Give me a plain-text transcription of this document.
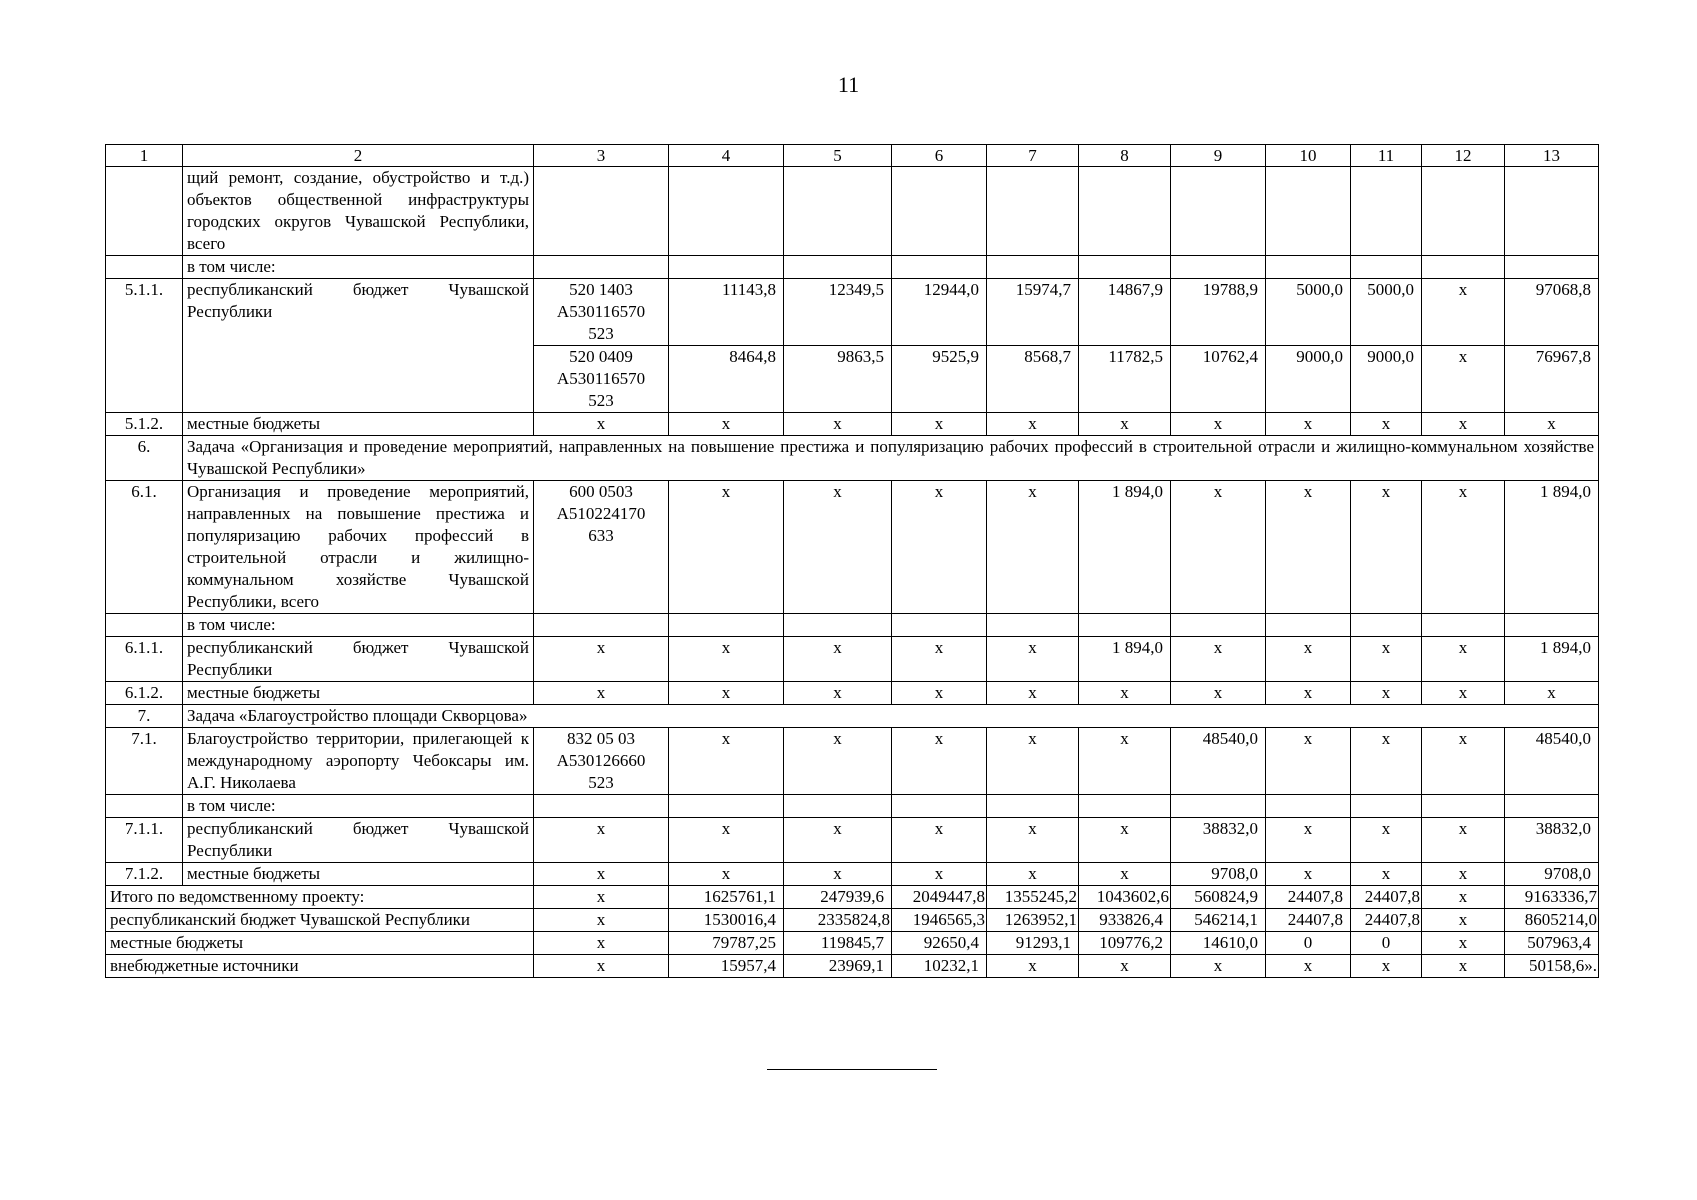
11
1	2	3	4	5	6	7	8	9	10	11	12	13
	щий ремонт, создание, обустройство и т.д.) объектов общественной инфраструктуры городских округов Чувашской Республики, всего											
	в том числе:											
5.1.1.	республиканский бюджет Чувашской Республики	520 1403
A530116570
523	11143,8	12349,5	12944,0	15974,7	14867,9	19788,9	5000,0	5000,0	x	97068,8

		520 0409
A530116570
523	8464,8	9863,5	9525,9	8568,7	11782,5	10762,4	9000,0	9000,0	x	76967,8
5.1.2.	местные бюджеты	x	x	x	x	x	x	x	x	x	x	x
6.	Задача «Организация и проведение мероприятий, направленных на повышение престижа и популяризацию рабочих профессий в строительной отрасли и жилищно-коммунальном хозяйстве Чувашской Республики»											
6.1.	Организация и проведение мероприятий, направленных на повышение престижа и популяризацию рабочих профессий в строительной отрасли и жилищно-коммунальном хозяйстве Чувашской Республики, всего	600 0503
A510224170
633	x	x	x	x	1 894,0	x	x	x	x	1 894,0
	в том числе:											
6.1.1.	республиканский бюджет Чувашской Республики	x	x	x	x	x	1 894,0	x	x	x	x	1 894,0
6.1.2.	местные бюджеты	x	x	x	x	x	x	x	x	x	x	x
7.	Задача «Благоустройство площади Скворцова»											
7.1.	Благоустройство территории, прилегающей к международному аэропорту Чебоксары им. А.Г. Николаева	832 05 03
A530126660
523	x	x	x	x	x	48540,0	x	x	x	48540,0
	в том числе:											
7.1.1.	республиканский бюджет Чувашской Республики	x	x	x	x	x	x	38832,0	x	x	x	38832,0
7.1.2.	местные бюджеты	x	x	x	x	x	x	9708,0	x	x	x	9708,0
Итого по ведомственному проекту:		x	1625761,1	247939,6	2049447,8	1355245,2	1043602,6	560824,9	24407,8	24407,8	x	9163336,7
республиканский бюджет Чувашской Республики		x	1530016,4	2335824,8	1946565,3	1263952,1	933826,4	546214,1	24407,8	24407,8	x	8605214,0
местные бюджеты		x	79787,25	119845,7	92650,4	91293,1	109776,2	14610,0	0	0	x	507963,4
внебюджетные источники		x	15957,4	23969,1	10232,1	x	x	x	x	x	x	50158,6».
